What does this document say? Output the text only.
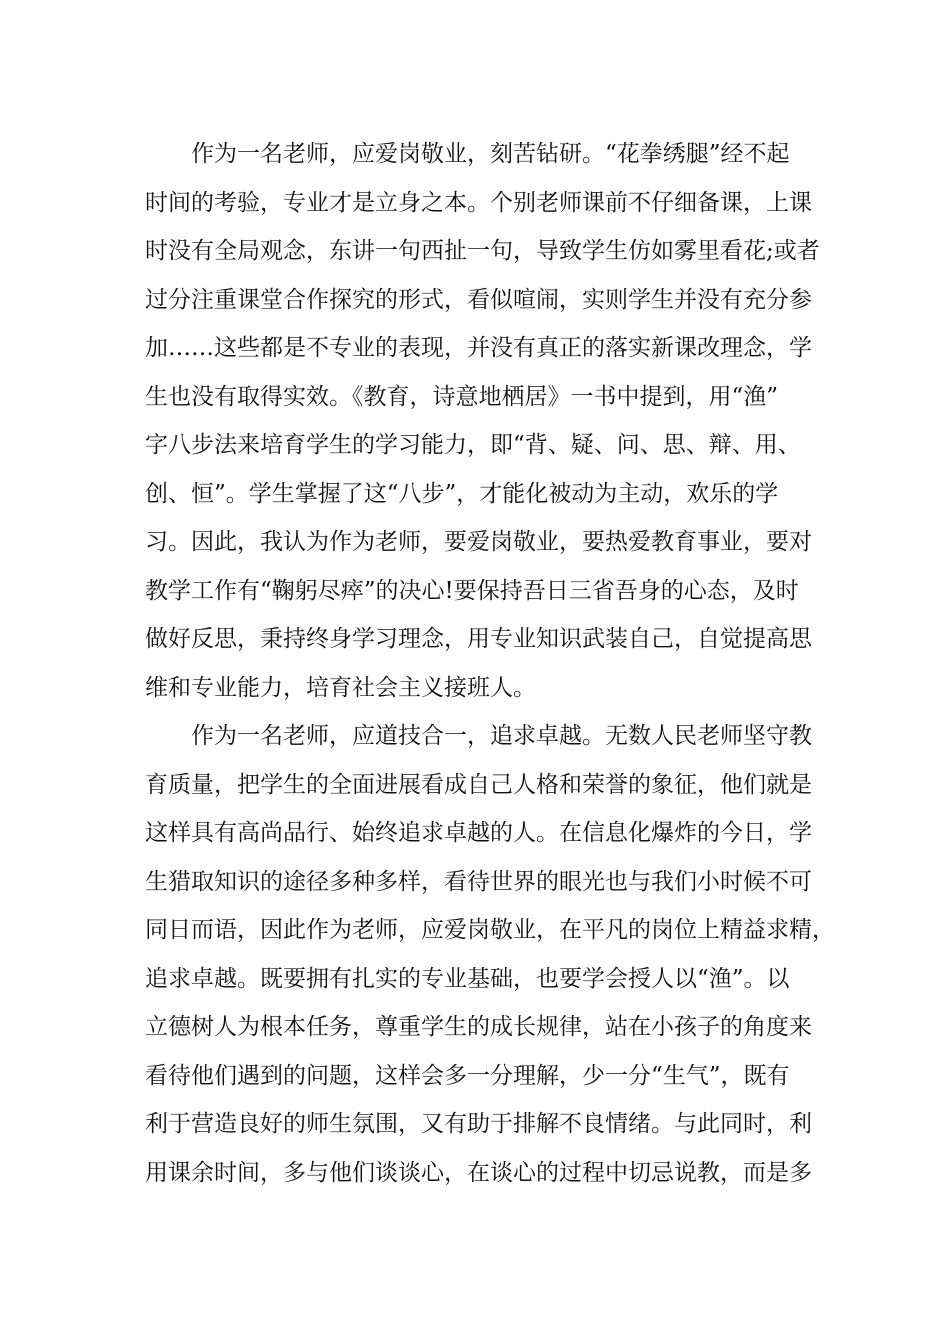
作为一名老师，应爱岗敬业，刻苦钻研。“花拳绣腿”经不起
时间的考验，专业才是立身之本。个别老师课前不仔细备课，上课
时没有全局观念，东讲一句西扯一句，导致学生仿如雾里看花;或者
过分注重课堂合作探究的形式，看似喧闹，实则学生并没有充分参
加……这些都是不专业的表现，并没有真正的落实新课改理念，学
生也没有取得实效。《教育，诗意地栖居》一书中提到，用“渔”
字八步法来培育学生的学习能力，即“背、疑、问、思、辩、用、
创、恒”。学生掌握了这“八步”，才能化被动为主动，欢乐的学
习。因此，我认为作为老师，要爱岗敬业，要热爱教育事业，要对
教学工作有“鞠躬尽瘁”的决心!要保持吾日三省吾身的心态，及时
做好反思，秉持终身学习理念，用专业知识武装自己，自觉提高思
维和专业能力，培育社会主义接班人。
作为一名老师，应道技合一，追求卓越。无数人民老师坚守教
育质量，把学生的全面进展看成自己人格和荣誉的象征，他们就是
这样具有高尚品行、始终追求卓越的人。在信息化爆炸的今日，学
生猎取知识的途径多种多样，看待世界的眼光也与我们小时候不可
同日而语，因此作为老师，应爱岗敬业，在平凡的岗位上精益求精，
追求卓越。既要拥有扎实的专业基础，也要学会授人以“渔”。以
立德树人为根本任务，尊重学生的成长规律，站在小孩子的角度来
看待他们遇到的问题，这样会多一分理解，少一分“生气”，既有
利于营造良好的师生氛围，又有助于排解不良情绪。与此同时，利
用课余时间，多与他们谈谈心，在谈心的过程中切忌说教，而是多
